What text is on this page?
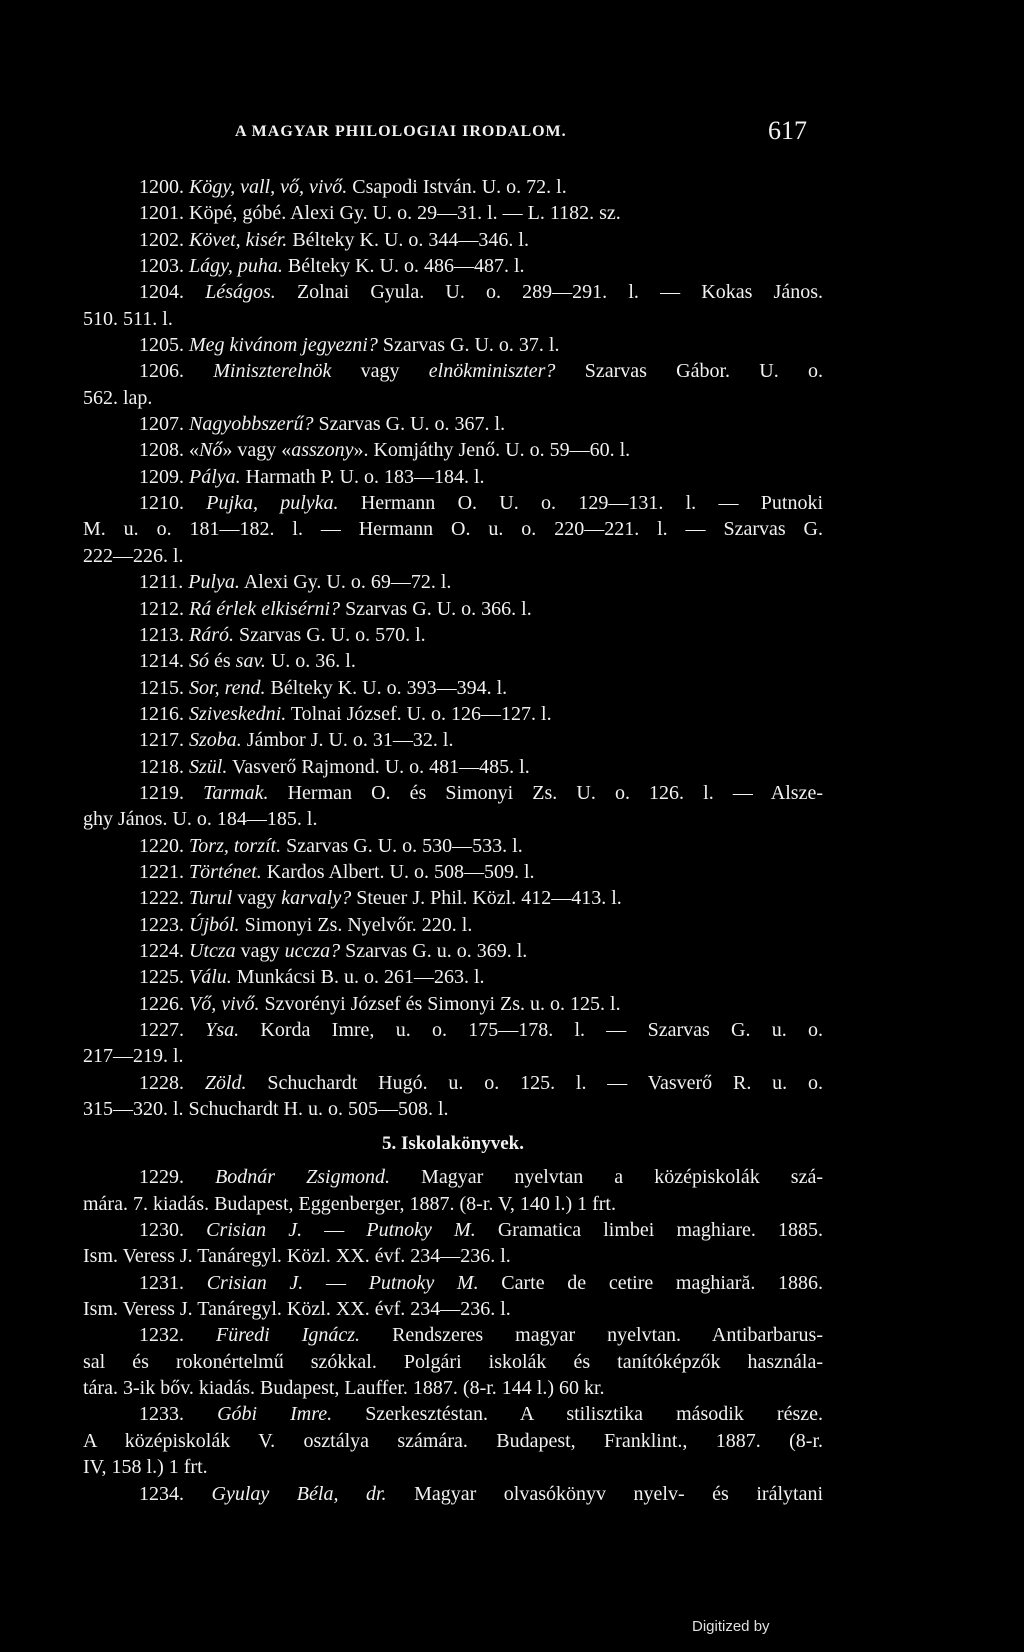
A MAGYAR PHILOLOGIAI IRODALOM.	617
1200. Kögy, vall, vő, vivő. Csapodi István. U. o. 72. l.
1201. Köpé, góbé. Alexi Gy. U. o. 29—31. l. — L. 1182. sz.
1202. Követ, kisér. Bélteky K. U. o. 344—346. l.
1203. Lágy, puha. Bélteky K. U. o. 486—487. l.
1204. Léságos. Zolnai Gyula. U. o. 289—291. l. — Kokas János.
510. 511. l.
1205. Meg kivánom jegyezni? Szarvas G. U. o. 37. l.
1206. Miniszterelnök vagy elnökminiszter? Szarvas Gábor. U. o.
562. lap.
1207. Nagyobbszerű? Szarvas G. U. o. 367. l.
1208. «Nő» vagy «asszony». Komjáthy Jenő. U. o. 59—60. l.
1209. Pálya. Harmath P. U. o. 183—184. l.
1210. Pujka, pulyka. Hermann O. U. o. 129—131. l. — Putnoki
M. u. o. 181—182. l. — Hermann O. u. o. 220—221. l. — Szarvas G.
222—226. l.
1211. Pulya. Alexi Gy. U. o. 69—72. l.
1212. Rá érlek elkisérni? Szarvas G. U. o. 366. l.
1213. Ráró. Szarvas G. U. o. 570. l.
1214. Só és sav. U. o. 36. l.
1215. Sor, rend. Bélteky K. U. o. 393—394. l.
1216. Sziveskedni. Tolnai József. U. o. 126—127. l.
1217. Szoba. Jámbor J. U. o. 31—32. l.
1218. Szül. Vasverő Rajmond. U. o. 481—485. l.
1219. Tarmak. Herman O. és Simonyi Zs. U. o. 126. l. — Alsze-
ghy János. U. o. 184—185. l.
1220. Torz, torzít. Szarvas G. U. o. 530—533. l.
1221. Történet. Kardos Albert. U. o. 508—509. l.
1222. Turul vagy karvaly? Steuer J. Phil. Közl. 412—413. l.
1223. Újból. Simonyi Zs. Nyelvőr. 220. l.
1224. Utcza vagy uccza? Szarvas G. u. o. 369. l.
1225. Válu. Munkácsi B. u. o. 261—263. l.
1226. Vő, vivő. Szvorényi József és Simonyi Zs. u. o. 125. l.
1227. Ysa. Korda Imre, u. o. 175—178. l. — Szarvas G. u. o.
217—219. l.
1228. Zöld. Schuchardt Hugó. u. o. 125. l. — Vasverő R. u. o.
315—320. l. Schuchardt H. u. o. 505—508. l.
5. Iskolakönyvek.
1229. Bodnár Zsigmond. Magyar nyelvtan a középiskolák szá-
mára. 7. kiadás. Budapest, Eggenberger, 1887. (8-r. V, 140 l.) 1 frt.
1230. Crisian J. — Putnoky M. Gramatica limbei maghiare. 1885.
Ism. Veress J. Tanáregyl. Közl. XX. évf. 234—236. l.
1231. Crisian J. — Putnoky M. Carte de cetire maghiară. 1886.
Ism. Veress J. Tanáregyl. Közl. XX. évf. 234—236. l.
1232. Füredi Ignácz. Rendszeres magyar nyelvtan. Antibarbarus-
sal és rokonértelmű szókkal. Polgári iskolák és tanítóképzők használa-
tára. 3-ik bőv. kiadás. Budapest, Lauffer. 1887. (8-r. 144 l.) 60 kr.
1233. Góbi Imre. Szerkesztéstan. A stilisztika második része.
A középiskolák V. osztálya számára. Budapest, Franklint., 1887. (8-r.
IV, 158 l.) 1 frt.
1234. Gyulay Béla, dr. Magyar olvasókönyv nyelv- és irálytani
Digitized by
